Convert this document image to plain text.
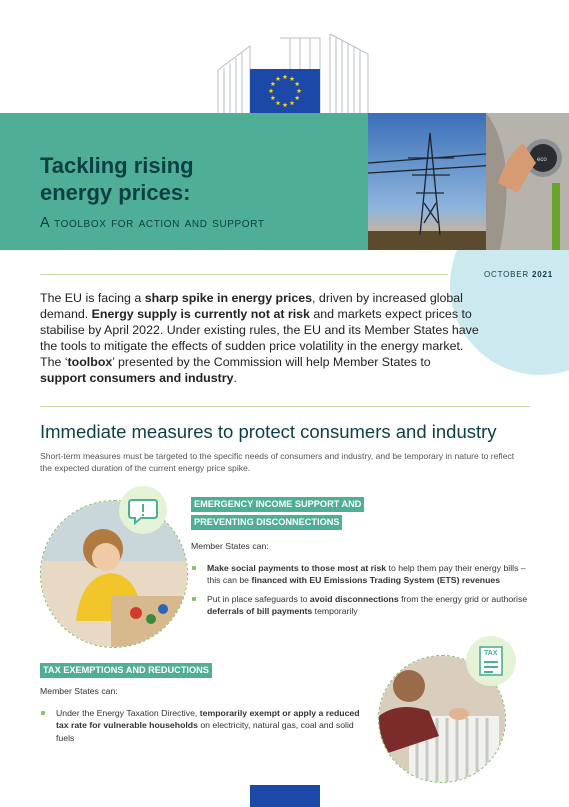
eco
Tackling rising
energy prices:
A toolbox for action and support
OCTOBER 2021
The EU is facing a sharp spike in energy prices, driven by increased global demand. Energy supply is currently not at risk and markets expect prices to stabilise by April 2022. Under existing rules, the EU and its Member States have the tools to mitigate the effects of sudden price volatility in the energy market. The ‘toolbox’ presented by the Commission will help Member States to support consumers and industry.
Immediate measures to protect consumers and industry
Short-term measures must be targeted to the specific needs of consumers and industry, and be temporary in nature to reflect the expected duration of the current energy price spike.
EMERGENCY INCOME SUPPORT AND
PREVENTING DISCONNECTIONS
Member States can:
Make social payments to those most at risk to help them pay their energy bills – this can be financed with EU Emissions Trading System (ETS) revenues
Put in place safeguards to avoid disconnections from the energy grid or authorise deferrals of bill payments temporarily
TAX EXEMPTIONS AND REDUCTIONS
Member States can:
Under the Energy Taxation Directive, temporarily exempt or apply a reduced tax rate for vulnerable households on electricity, natural gas, coal and solid fuels
TAX
